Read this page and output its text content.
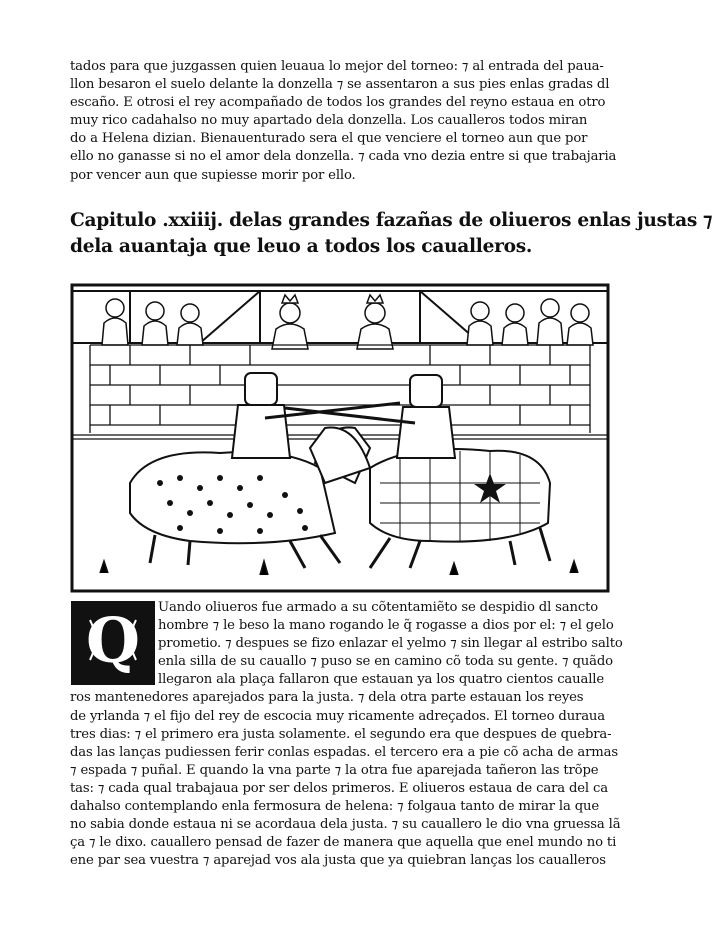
tados para que juzgassen quien leuaua lo mejor del torneo: ⁊ al entrada del paua-
llon besaron el suelo delante la donzella ⁊ se assentaron a sus pies enlas gradas dl
escaño. E otrosi el rey acompañado de todos los grandes del reyno estaua en otro
muy rico cadahalso no muy apartado dela donzella. Los caualleros todos miran
do a Helena dizian. Bienauenturado sera el que venciere el torneo aun que por
ello no ganasse si no el amor dela donzella. ⁊ cada vno dezia entre si que trabajaria
por vencer aun que supiesse morir por ello.
Capitulo .xxiiij. delas grandes fazañas de oliueros enlas justas ⁊
dela auantaja que leuo a todos los caualleros.
Q	Uando oliueros fue armado a su cõtentamiẽto se despidio dl sancto
hombre ⁊ le beso la mano rogando le q̃ rogasse a dios por el: ⁊ el gelo
prometio. ⁊ despues se fizo enlazar el yelmo ⁊ sin llegar al estribo salto
enla silla de su cauallo ⁊ puso se en camino cõ toda su gente. ⁊ quãdo
llegaron ala plaça fallaron que estauan ya los quatro cientos caualle
ros mantenedores aparejados para la justa. ⁊ dela otra parte estauan los reyes
de yrlanda ⁊ el fijo del rey de escocia muy ricamente adreçados. El torneo duraua
tres dias: ⁊ el primero era justa solamente. el segundo era que despues de quebra-
das las lanças pudiessen ferir conlas espadas. el tercero era a pie cõ acha de armas
⁊ espada ⁊ puñal. E quando la vna parte ⁊ la otra fue aparejada tañeron las trõpe
tas: ⁊ cada qual trabajaua por ser delos primeros. E oliueros estaua de cara del ca
dahalso contemplando enla fermosura de helena: ⁊ folgaua tanto de mirar la que
no sabia donde estaua ni se acordaua dela justa. ⁊ su cauallero le dio vna gruessa lã
ça ⁊ le dixo. cauallero pensad de fazer de manera que aquella que enel mundo no ti
ene par sea vuestra ⁊ aparejad vos ala justa que ya quiebran lanças los caualleros
